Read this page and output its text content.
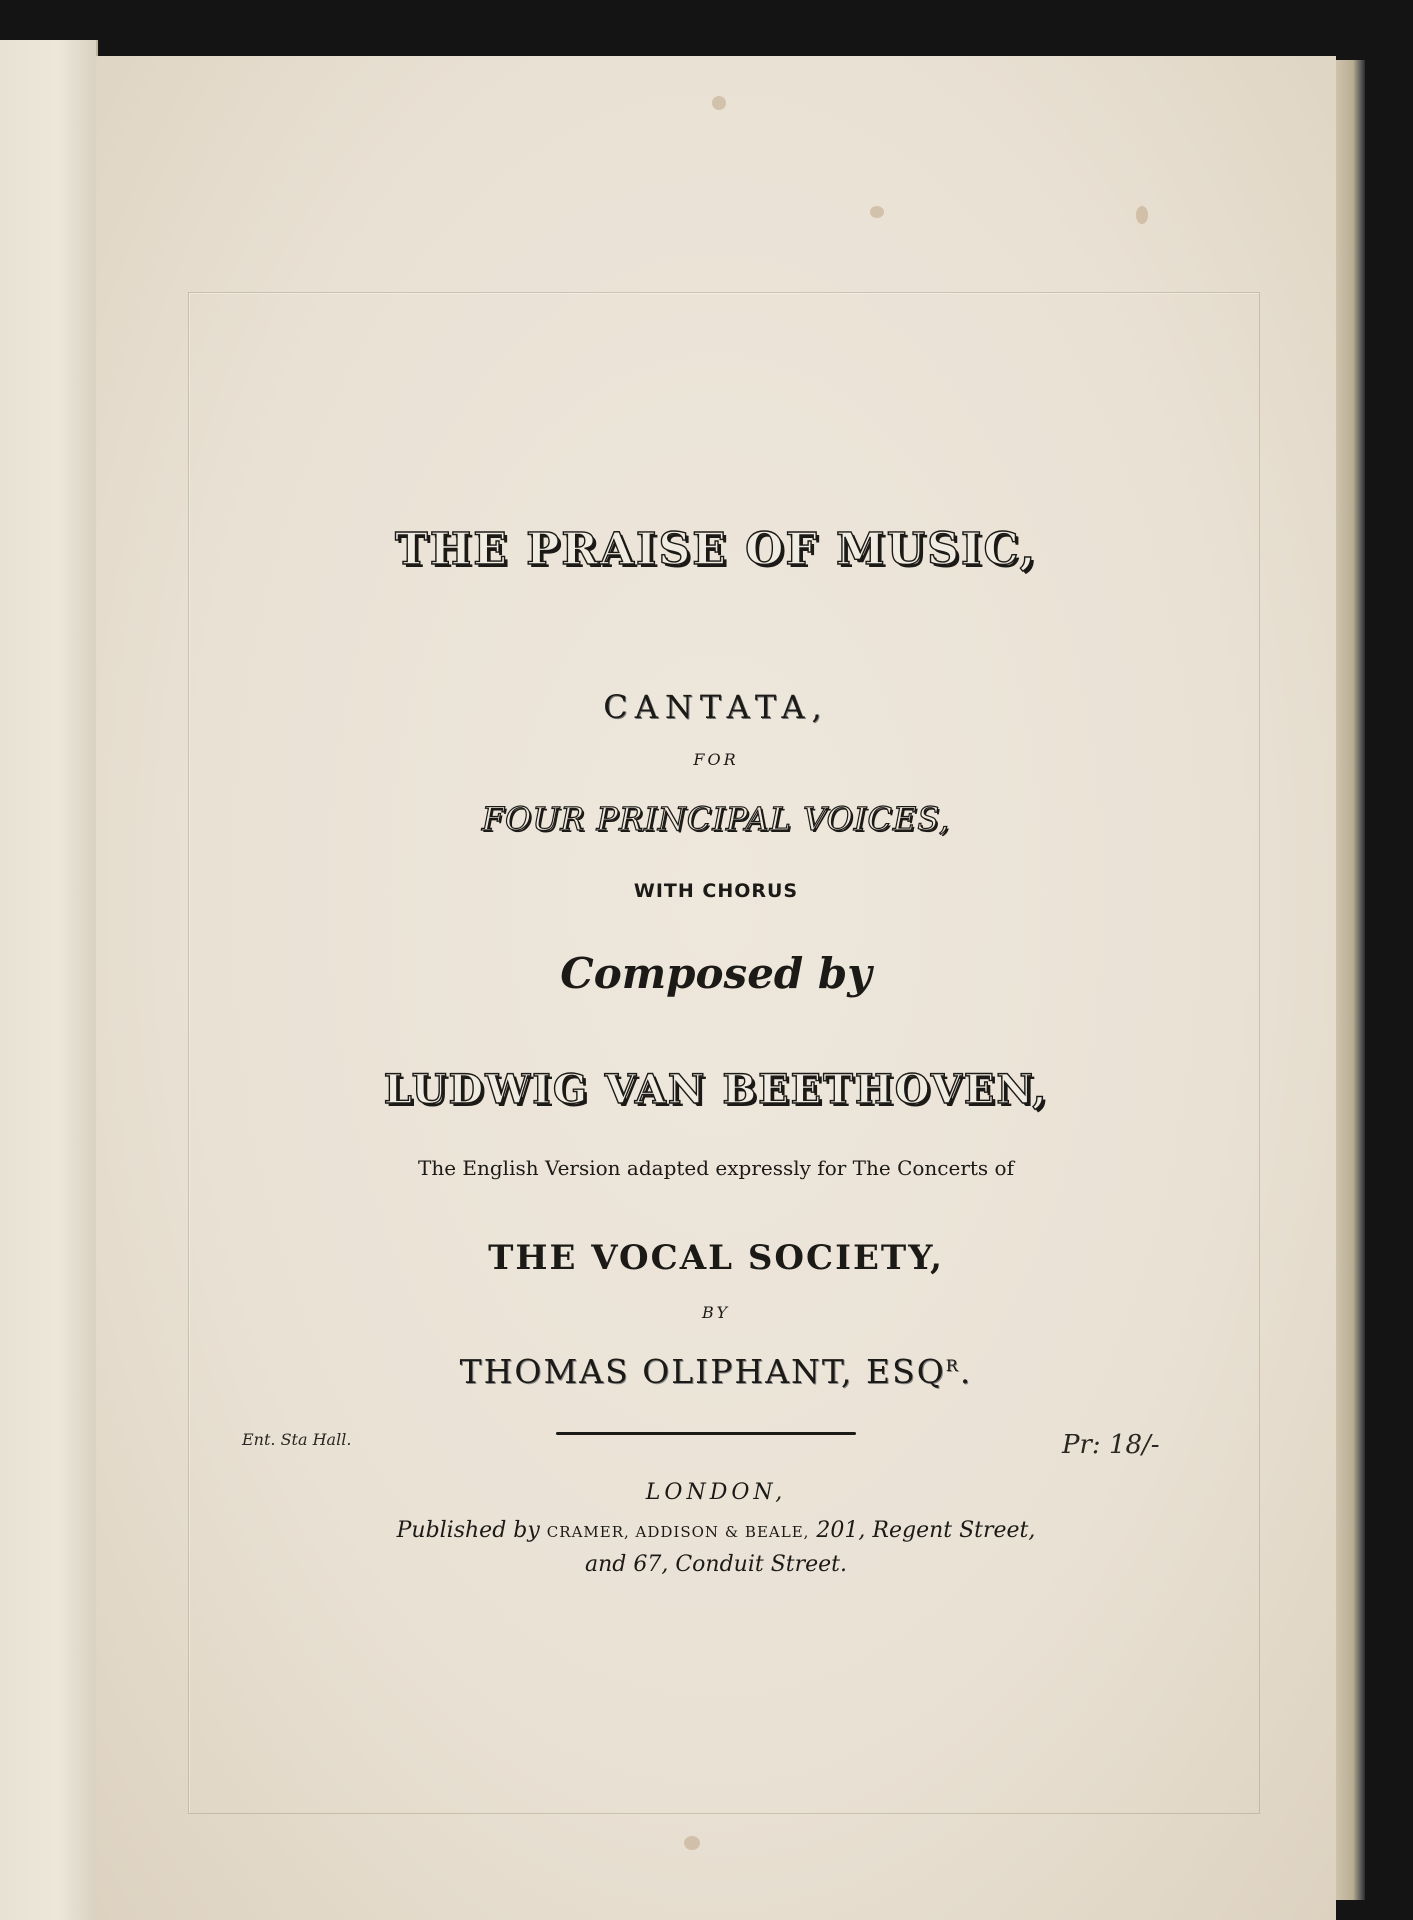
THE PRAISE OF MUSIC,
CANTATA,
FOR
FOUR PRINCIPAL VOICES,
WITH CHORUS
Composed by
LUDWIG VAN BEETHOVEN,
The English Version adapted expressly for The Concerts of
THE VOCAL SOCIETY,
BY
THOMAS OLIPHANT, $ESQ^R$.
Ent. Sta Hall.	Pr: 18/-
LONDON,
Published by CRAMER, ADDISON & BEALE, 201, Regent Street,
and 67, Conduit Street.
